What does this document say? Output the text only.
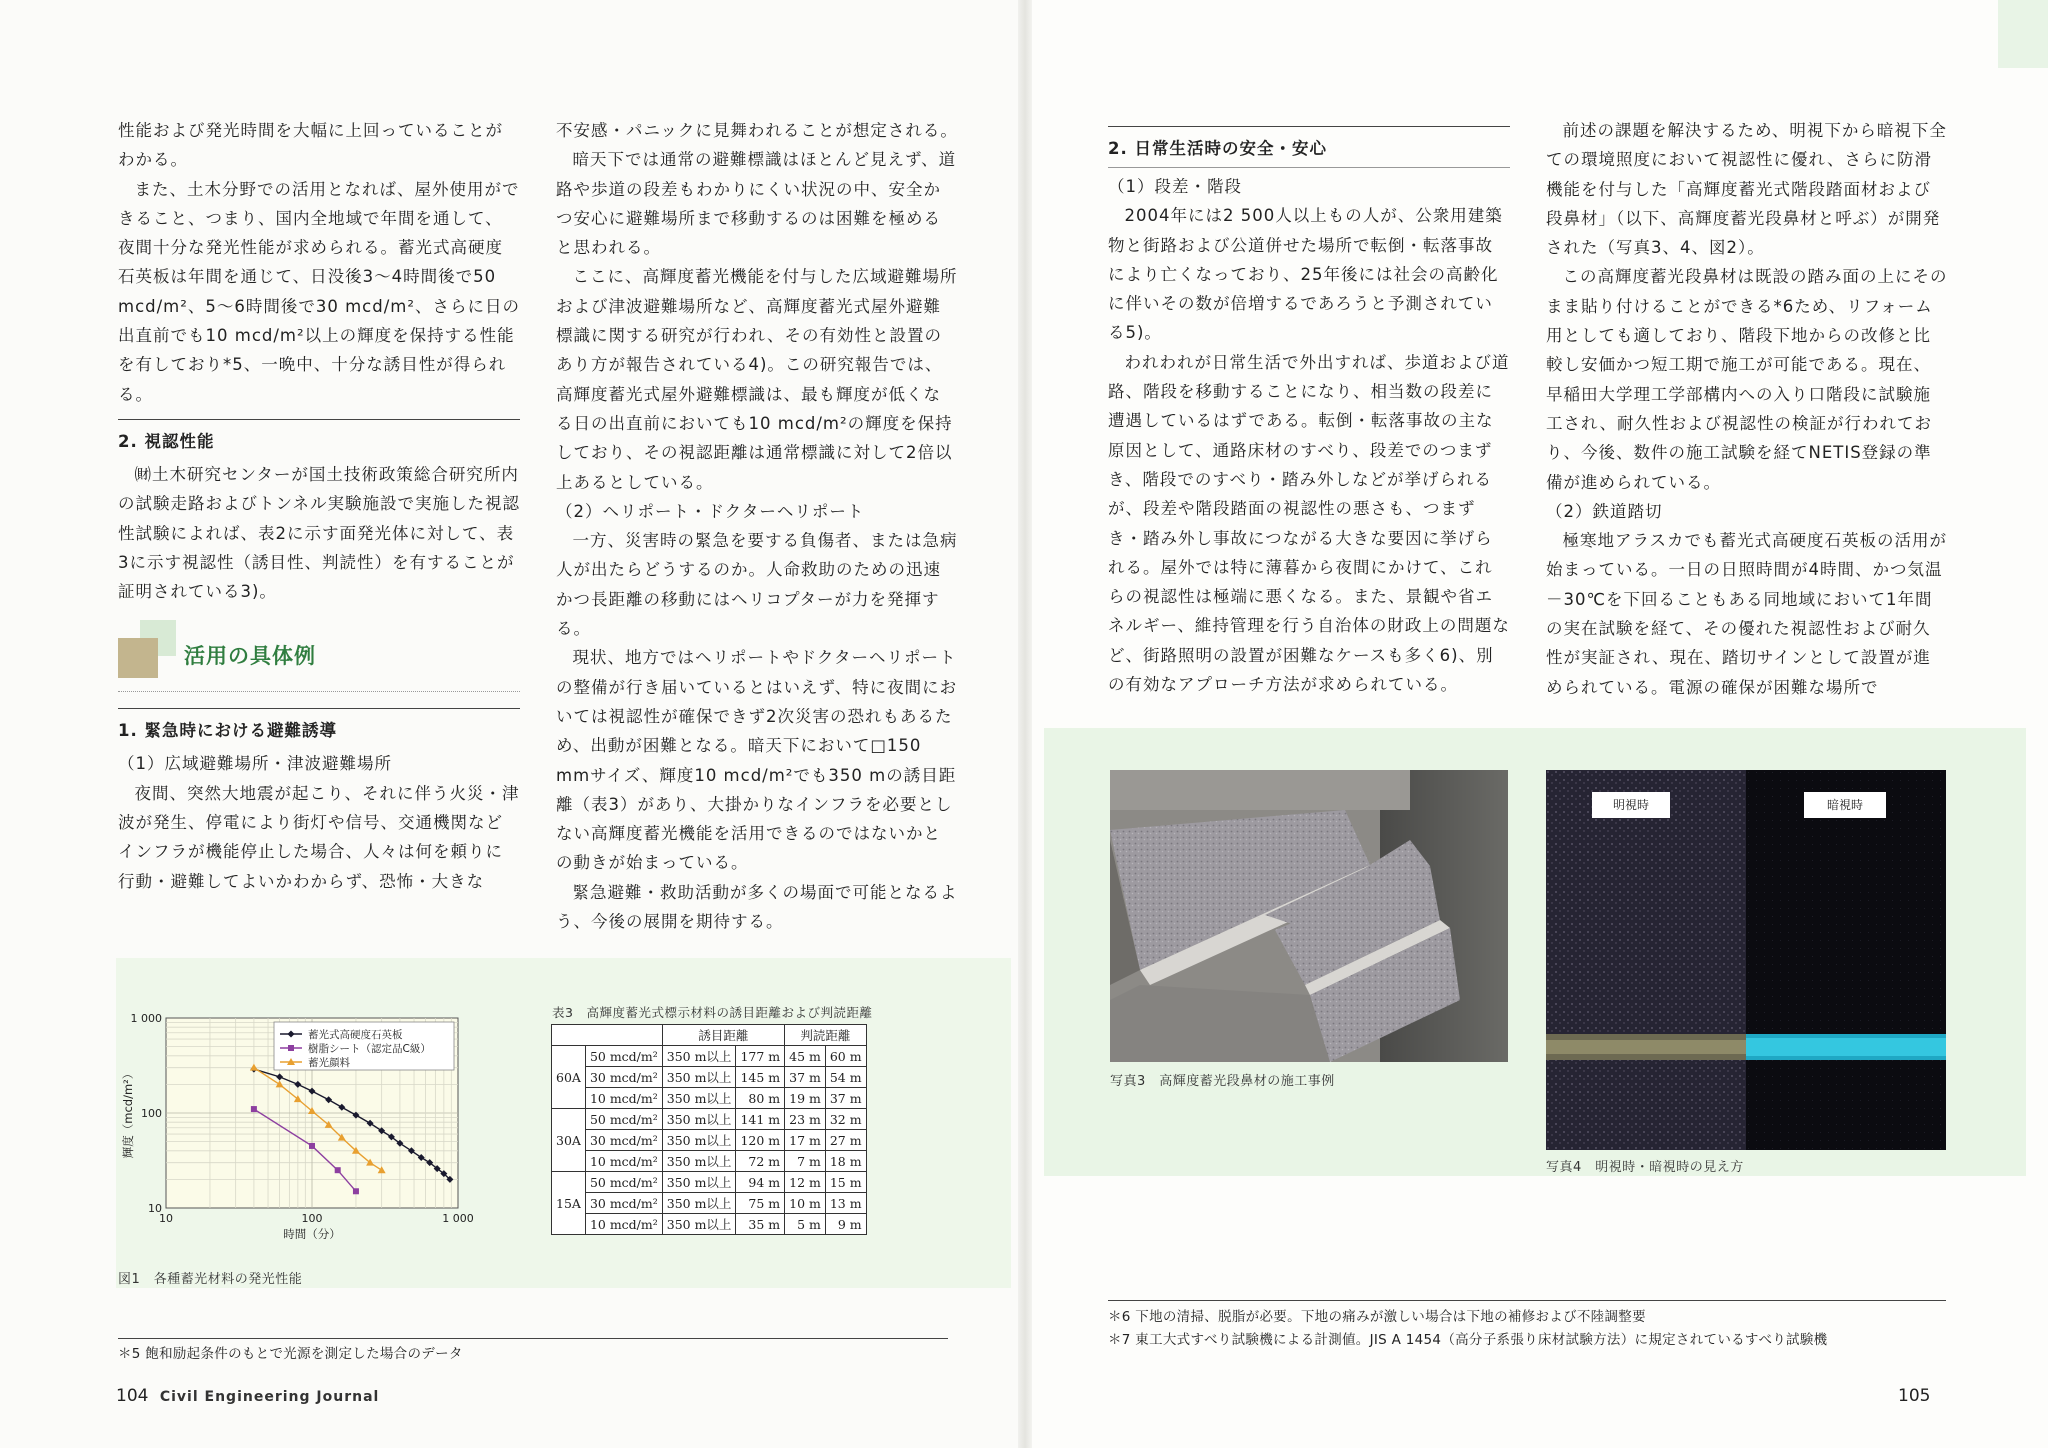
性能および発光時間を大幅に上回っていることがわかる。

また、土木分野での活用となれば、屋外使用ができること、つまり、国内全地域で年間を通して、夜間十分な発光性能が求められる。蓄光式高硬度石英板は年間を通じて、日没後3～4時間後で50 mcd/m²、5～6時間後で30 mcd/m²、さらに日の出直前でも10 mcd/m²以上の輝度を保持する性能を有しており*5、一晩中、十分な誘目性が得られる。

2. 視認性能

㈶土木研究センターが国土技術政策総合研究所内の試験走路およびトンネル実験施設で実施した視認性試験によれば、表2に示す面発光体に対して、表3に示す視認性（誘目性、判読性）を有することが証明されている3)。

活用の具体例
1. 緊急時における避難誘導

（1）広域避難場所・津波避難場所

夜間、突然大地震が起こり、それに伴う火災・津波が発生、停電により街灯や信号、交通機関などインフラが機能停止した場合、人々は何を頼りに行動・避難してよいかわからず、恐怖・大きな

不安感・パニックに見舞われることが想定される。

暗天下では通常の避難標識はほとんど見えず、道路や歩道の段差もわかりにくい状況の中、安全かつ安心に避難場所まで移動するのは困難を極めると思われる。

ここに、高輝度蓄光機能を付与した広域避難場所および津波避難場所など、高輝度蓄光式屋外避難標識に関する研究が行われ、その有効性と設置のあり方が報告されている4)。この研究報告では、高輝度蓄光式屋外避難標識は、最も輝度が低くなる日の出直前においても10 mcd/m²の輝度を保持しており、その視認距離は通常標識に対して2倍以上あるとしている。

（2）ヘリポート・ドクターヘリポート

一方、災害時の緊急を要する負傷者、または急病人が出たらどうするのか。人命救助のための迅速かつ長距離の移動にはヘリコプターが力を発揮する。

現状、地方ではヘリポートやドクターヘリポートの整備が行き届いているとはいえず、特に夜間においては視認性が確保できず2次災害の恐れもあるため、出動が困難となる。暗天下において□150 mmサイズ、輝度10 mcd/m²でも350 mの誘目距離（表3）があり、大掛かりなインフラを必要としない高輝度蓄光機能を活用できるのではないかとの動きが始まっている。

緊急避難・救助活動が多くの場面で可能となるよう、今後の展開を期待する。

10	100	1 000
10
100
1 000
時間（分）
輝度（mcd/m²）
蓄光式高硬度石英板
樹脂シート（認定品C級）
蓄光顔料
図1　各種蓄光材料の発光性能
表3　高輝度蓄光式標示材料の誘目距離および判読距離
		誘目距離		判読距離	
60A	50 mcd/m²	350 m以上	177 m	45 m	60 m
	30 mcd/m²	350 m以上	145 m	37 m	54 m
	10 mcd/m²	350 m以上	80 m	19 m	37 m
30A	50 mcd/m²	350 m以上	141 m	23 m	32 m
	30 mcd/m²	350 m以上	120 m	17 m	27 m
	10 mcd/m²	350 m以上	72 m	7 m	18 m
15A	50 mcd/m²	350 m以上	94 m	12 m	15 m
	30 mcd/m²	350 m以上	75 m	10 m	13 m
	10 mcd/m²	350 m以上	35 m	5 m	9 m
＊5 飽和励起条件のもとで光源を測定した場合のデータ
104 Civil Engineering Journal
2. 日常生活時の安全・安心

（1）段差・階段

2004年には2 500人以上もの人が、公衆用建築物と街路および公道併せた場所で転倒・転落事故により亡くなっており、25年後には社会の高齢化に伴いその数が倍増するであろうと予測されている5)。

われわれが日常生活で外出すれば、歩道および道路、階段を移動することになり、相当数の段差に遭遇しているはずである。転倒・転落事故の主な原因として、通路床材のすべり、段差でのつまずき、階段でのすべり・踏み外しなどが挙げられるが、段差や階段踏面の視認性の悪さも、つまずき・踏み外し事故につながる大きな要因に挙げられる。屋外では特に薄暮から夜間にかけて、これらの視認性は極端に悪くなる。また、景観や省エネルギー、維持管理を行う自治体の財政上の問題など、街路照明の設置が困難なケースも多く6)、別の有効なアプローチ方法が求められている。

前述の課題を解決するため、明視下から暗視下全ての環境照度において視認性に優れ、さらに防滑機能を付与した「高輝度蓄光式階段踏面材および段鼻材」（以下、高輝度蓄光段鼻材と呼ぶ）が開発された（写真3、4、図2）。

この高輝度蓄光段鼻材は既設の踏み面の上にそのまま貼り付けることができる*6ため、リフォーム用としても適しており、階段下地からの改修と比較し安価かつ短工期で施工が可能である。現在、早稲田大学理工学部構内への入り口階段に試験施工され、耐久性および視認性の検証が行われており、今後、数件の施工試験を経てNETIS登録の準備が進められている。

（2）鉄道踏切

極寒地アラスカでも蓄光式高硬度石英板の活用が始まっている。一日の日照時間が4時間、かつ気温－30℃を下回ることもある同地域において1年間の実在試験を経て、その優れた視認性および耐久性が実証され、現在、踏切サインとして設置が進められている。電源の確保が困難な場所で

写真3　高輝度蓄光段鼻材の施工事例
明視時	暗視時
写真4　明視時・暗視時の見え方
＊6 下地の清掃、脱脂が必要。下地の痛みが激しい場合は下地の補修および不陸調整要
＊7 東工大式すべり試験機による計測値。JIS A 1454（高分子系張り床材試験方法）に規定されているすべり試験機
105
